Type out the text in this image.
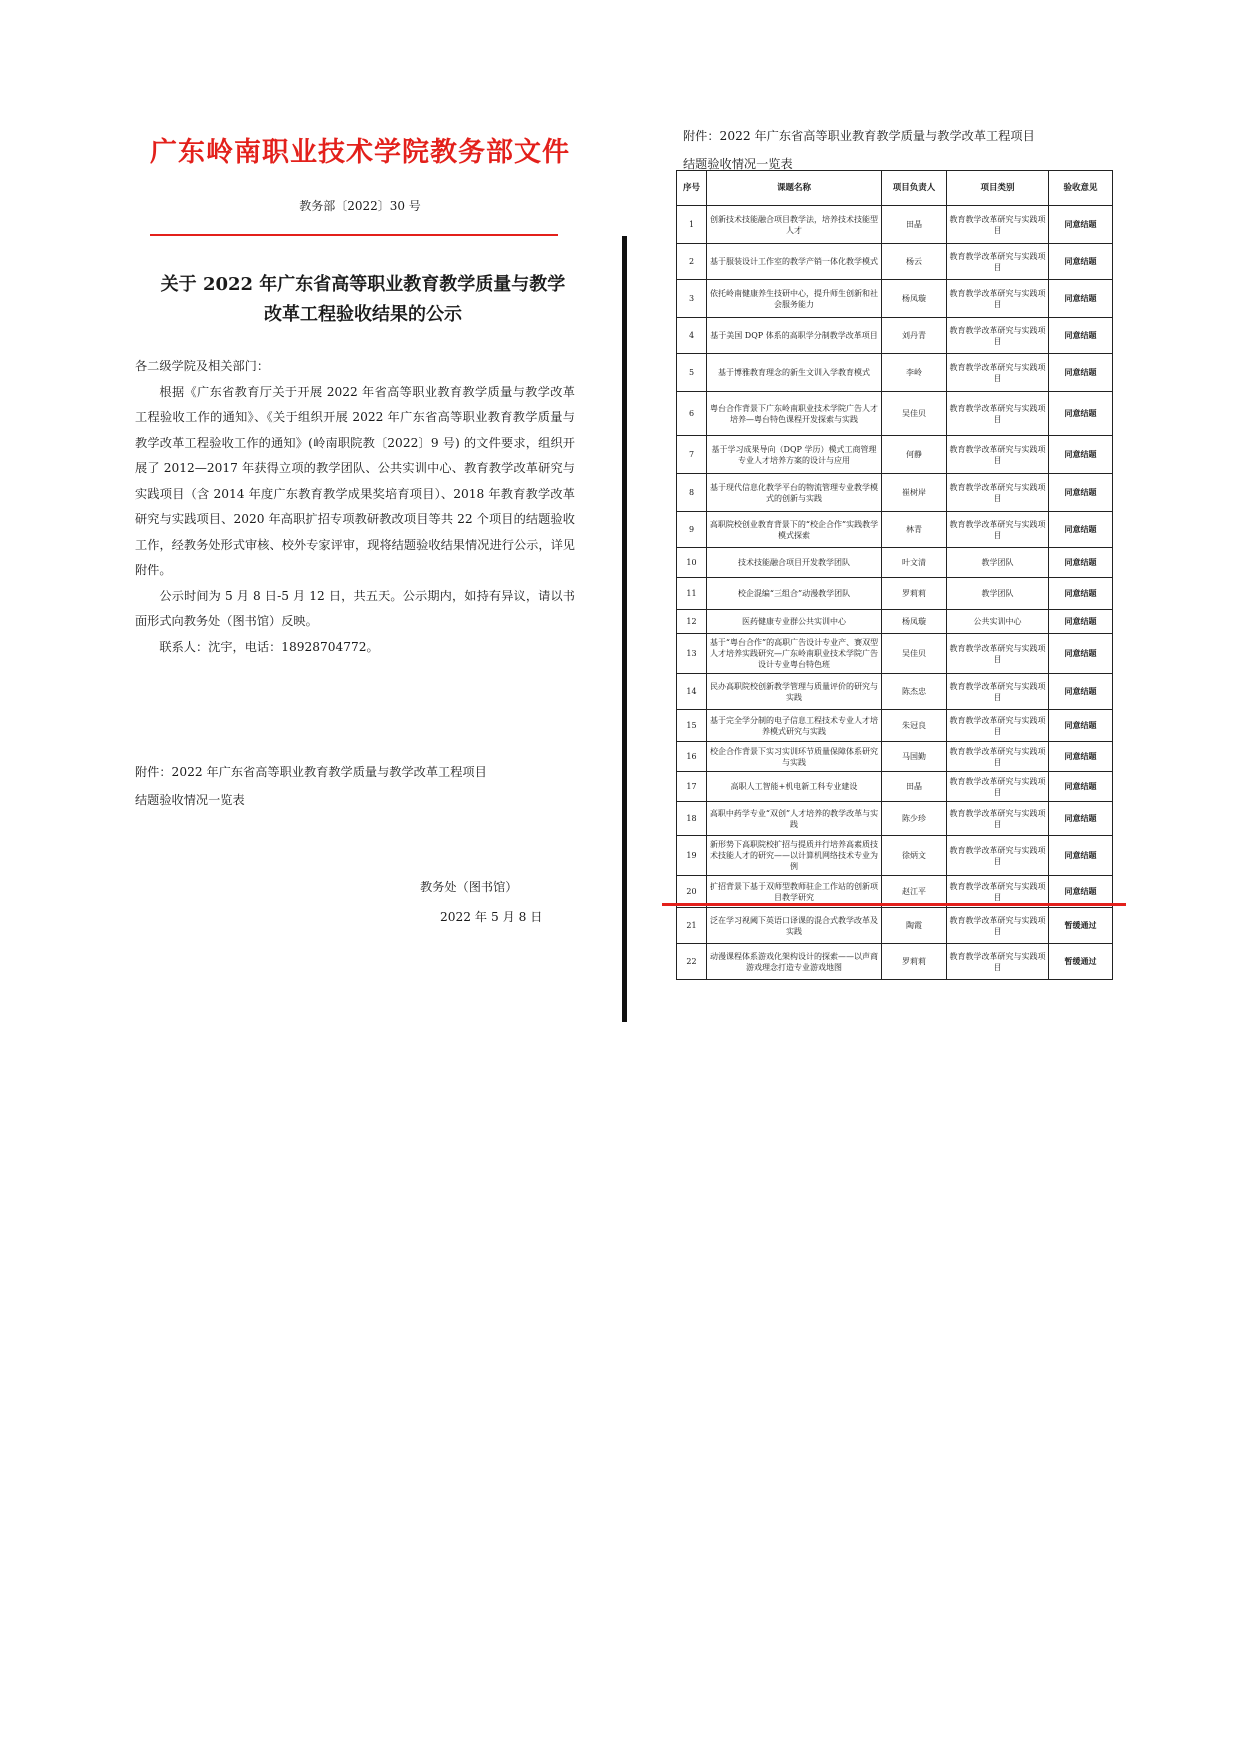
广东岭南职业技术学院教务部文件
教务部〔2022〕30 号
关于 2022 年广东省高等职业教育教学质量与教学
改革工程验收结果的公示

各二级学院及相关部门：

根据《广东省教育厅关于开展 2022 年省高等职业教育教学质量与教学改革工程验收工作的通知》、《关于组织开展 2022 年广东省高等职业教育教学质量与教学改革工程验收工作的通知》(岭南职院教〔2022〕9 号) 的文件要求，组织开展了 2012—2017 年获得立项的教学团队、公共实训中心、教育教学改革研究与实践项目（含 2014 年度广东教育教学成果奖培育项目）、2018 年教育教学改革研究与实践项目、2020 年高职扩招专项教研教改项目等共 22 个项目的结题验收工作，经教务处形式审核、校外专家评审，现将结题验收结果情况进行公示，详见附件。

公示时间为 5 月 8 日-5 月 12 日，共五天。公示期内，如持有异议，请以书面形式向教务处（图书馆）反映。

联系人：沈宇，电话：18928704772。

附件：2022 年广东省高等职业教育教学质量与教学改革工程项目
结题验收情况一览表
教务处（图书馆）
2022 年 5 月 8 日
附件：2022 年广东省高等职业教育教学质量与教学改革工程项目
结题验收情况一览表
序号	课题名称	项目负责人	项目类别	验收意见
1	创新技术技能融合项目教学法，培养技术技能型人才	田晶	教育教学改革研究与实践项目	同意结题
2	基于服装设计工作室的教学产销一体化教学模式	杨云	教育教学改革研究与实践项目	同意结题
3	依托岭南健康养生技研中心，提升师生创新和社会服务能力	杨凤璇	教育教学改革研究与实践项目	同意结题
4	基于美国 DQP 体系的高职学分制教学改革项目	刘丹青	教育教学改革研究与实践项目	同意结题
5	基于博雅教育理念的新生文训入学教育模式	李岭	教育教学改革研究与实践项目	同意结题
6	粤台合作背景下广东岭南职业技术学院广告人才培养—粤台特色课程开发探索与实践	吴佳贝	教育教学改革研究与实践项目	同意结题
7	基于学习成果导向（DQP 学历）模式工商管理专业人才培养方案的设计与应用	何静	教育教学改革研究与实践项目	同意结题
8	基于现代信息化教学平台的物流管理专业教学模式的创新与实践	崔树岸	教育教学改革研究与实践项目	同意结题
9	高职院校创业教育背景下的“校企合作”实践教学模式探索	林青	教育教学改革研究与实践项目	同意结题
10	技术技能融合项目开发教学团队	叶文清	教学团队	同意结题
11	校企混编“三组合”动漫教学团队	罗莉莉	教学团队	同意结题
12	医药健康专业群公共实训中心	杨凤璇	公共实训中心	同意结题
13	基于“粤台合作”的高职广告设计专业产、赛双型人才培养实践研究—广东岭南职业技术学院广告设计专业粤台特色班	吴佳贝	教育教学改革研究与实践项目	同意结题
14	民办高职院校创新教学管理与质量评价的研究与实践	陈杰忠	教育教学改革研究与实践项目	同意结题
15	基于完全学分制的电子信息工程技术专业人才培养模式研究与实践	朱冠良	教育教学改革研究与实践项目	同意结题
16	校企合作背景下实习实训环节质量保障体系研究与实践	马国勤	教育教学改革研究与实践项目	同意结题
17	高职人工智能+机电新工科专业建设	田晶	教育教学改革研究与实践项目	同意结题
18	高职中药学专业“双创”人才培养的教学改革与实践	陈少珍	教育教学改革研究与实践项目	同意结题
19	新形势下高职院校扩招与提质并行培养高素质技术技能人才的研究——以计算机网络技术专业为例	徐炳文	教育教学改革研究与实践项目	同意结题
20	扩招背景下基于双师型教师驻企工作站的创新项目教学研究	赵江平	教育教学改革研究与实践项目	同意结题
21	泛在学习视阈下英语口译课的混合式教学改革及实践	陶霞	教育教学改革研究与实践项目	暂缓通过
22	动漫课程体系游戏化架构设计的探索——以声商游戏理念打造专业游戏地图	罗莉莉	教育教学改革研究与实践项目	暂缓通过
